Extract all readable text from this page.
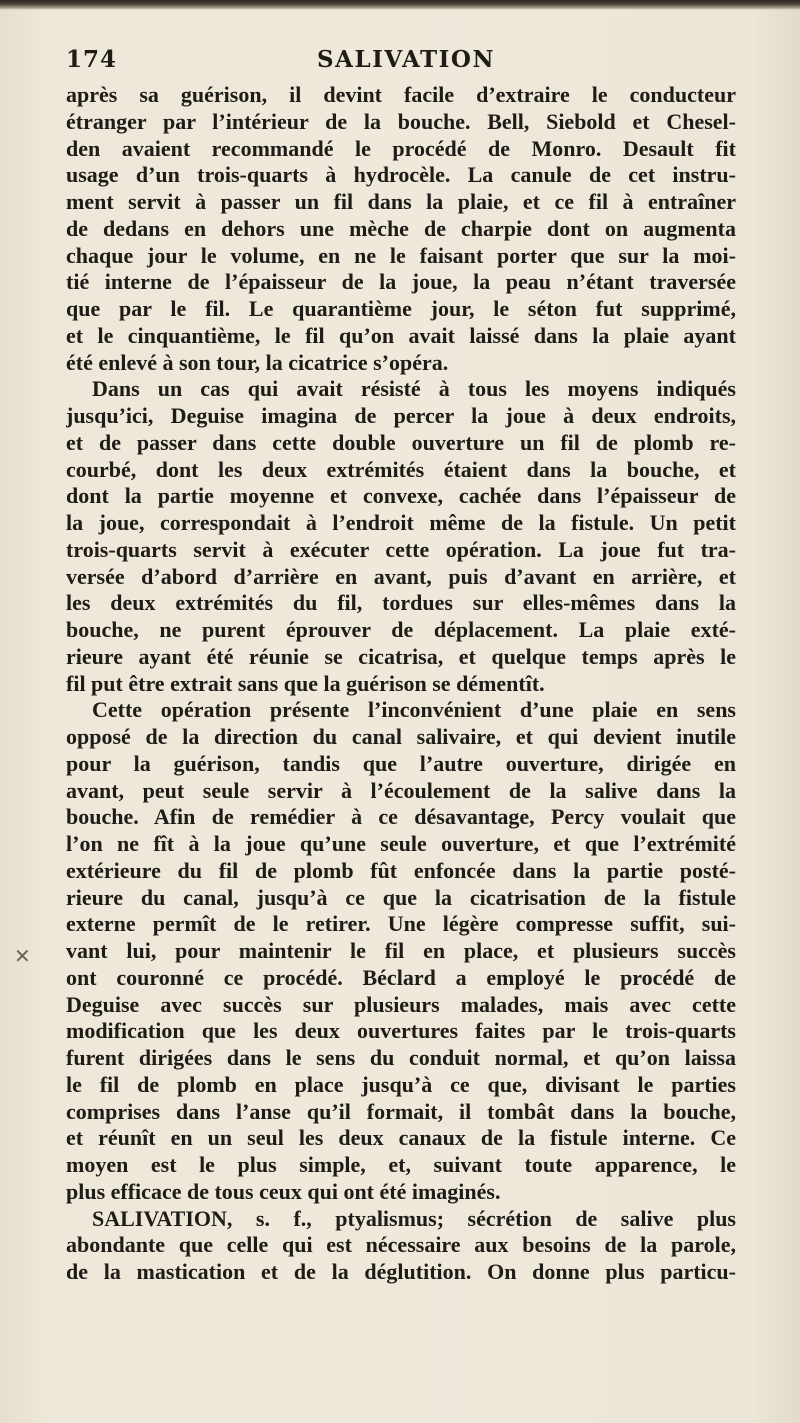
174	SALIVATION
✕
après sa guérison, il devint facile d’extraire le conducteur
étranger par l’intérieur de la bouche. Bell, Siebold et Chesel-
den avaient recommandé le procédé de Monro. Desault fit
usage d’un trois-quarts à hydrocèle. La canule de cet instru-
ment servit à passer un fil dans la plaie, et ce fil à entraîner
de dedans en dehors une mèche de charpie dont on augmenta
chaque jour le volume, en ne le faisant porter que sur la moi-
tié interne de l’épaisseur de la joue, la peau n’étant traversée
que par le fil. Le quarantième jour, le séton fut supprimé,
et le cinquantième, le fil qu’on avait laissé dans la plaie ayant
été enlevé à son tour, la cicatrice s’opéra.
Dans un cas qui avait résisté à tous les moyens indiqués
jusqu’ici, Deguise imagina de percer la joue à deux endroits,
et de passer dans cette double ouverture un fil de plomb re-
courbé, dont les deux extrémités étaient dans la bouche, et
dont la partie moyenne et convexe, cachée dans l’épaisseur de
la joue, correspondait à l’endroit même de la fistule. Un petit
trois-quarts servit à exécuter cette opération. La joue fut tra-
versée d’abord d’arrière en avant, puis d’avant en arrière, et
les deux extrémités du fil, tordues sur elles-mêmes dans la
bouche, ne purent éprouver de déplacement. La plaie exté-
rieure ayant été réunie se cicatrisa, et quelque temps après le
fil put être extrait sans que la guérison se démentît.
Cette opération présente l’inconvénient d’une plaie en sens
opposé de la direction du canal salivaire, et qui devient inutile
pour la guérison, tandis que l’autre ouverture, dirigée en
avant, peut seule servir à l’écoulement de la salive dans la
bouche. Afin de remédier à ce désavantage, Percy voulait que
l’on ne fît à la joue qu’une seule ouverture, et que l’extrémité
extérieure du fil de plomb fût enfoncée dans la partie posté-
rieure du canal, jusqu’à ce que la cicatrisation de la fistule
externe permît de le retirer. Une légère compresse suffit, sui-
vant lui, pour maintenir le fil en place, et plusieurs succès
ont couronné ce procédé. Béclard a employé le procédé de
Deguise avec succès sur plusieurs malades, mais avec cette
modification que les deux ouvertures faites par le trois-quarts
furent dirigées dans le sens du conduit normal, et qu’on laissa
le fil de plomb en place jusqu’à ce que, divisant le parties
comprises dans l’anse qu’il formait, il tombât dans la bouche,
et réunît en un seul les deux canaux de la fistule interne. Ce
moyen est le plus simple, et, suivant toute apparence, le
plus efficace de tous ceux qui ont été imaginés.
SALIVATION, s. f., ptyalismus; sécrétion de salive plus
abondante que celle qui est nécessaire aux besoins de la parole,
de la mastication et de la déglutition. On donne plus particu-
